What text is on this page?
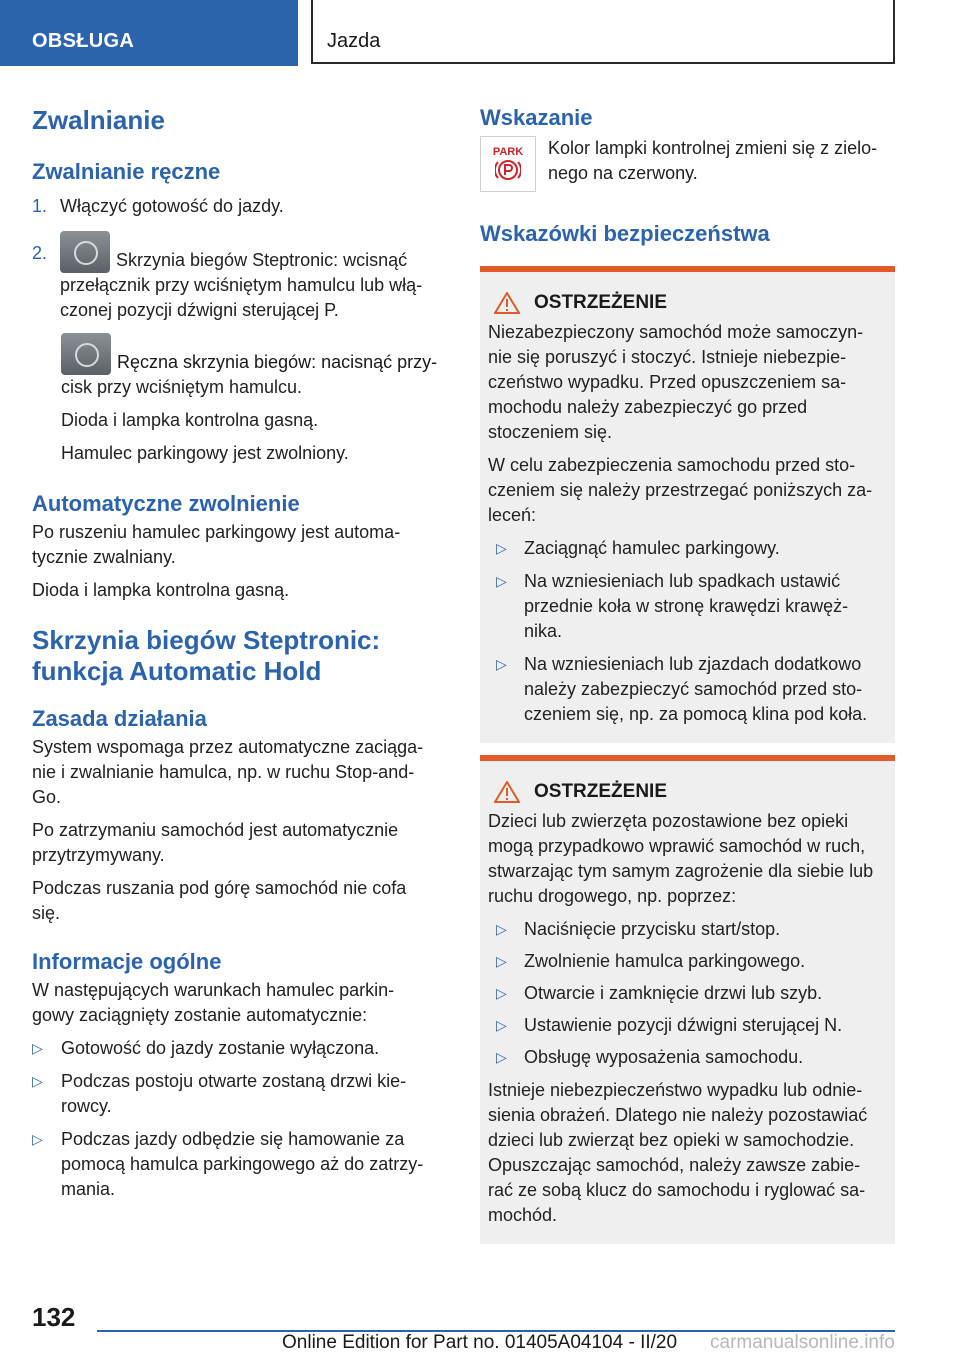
OBSŁUGA	Jazda
Zwalnianie
Zwalnianie ręczne
1. Włączyć gotowość do jazdy.
2.	Skrzynia biegów Steptronic: wcisnąć
przełącznik przy wciśniętym hamulcu lub włą-
czonej pozycji dźwigni sterującej P.
Ręczna skrzynia biegów: nacisnąć przy-

cisk przy wciśniętym hamulcu.

Dioda i lampka kontrolna gasną.

Hamulec parkingowy jest zwolniony.

Automatyczne zwolnienie

Po ruszeniu hamulec parkingowy jest automa-

tycznie zwalniany.

Dioda i lampka kontrolna gasną.

Skrzynia biegów Steptronic:
funkcja Automatic Hold
Zasada działania

System wspomaga przez automatyczne zaciąga-

nie i zwalnianie hamulca, np. w ruchu Stop-and-

Go.

Po zatrzymaniu samochód jest automatycznie

przytrzymywany.

Podczas ruszania pod górę samochód nie cofa

się.

Informacje ogólne

W następujących warunkach hamulec parkin-

gowy zaciągnięty zostanie automatycznie:

▷	Gotowość do jazdy zostanie wyłączona.
▷	Podczas postoju otwarte zostaną drzwi kie-
rowcy.
▷	Podczas jazdy odbędzie się hamowanie za
pomocą hamulca parkingowego aż do zatrzy-
mania.
Wskazanie
PARK Kolor lampki kontrolnej zmieni się z zielo-

nego na czerwony.

Wskazówki bezpieczeństwa
OSTRZEŻENIE

Niezabezpieczony samochód może samoczyn-

nie się poruszyć i stoczyć. Istnieje niebezpie-

czeństwo wypadku. Przed opuszczeniem sa-

mochodu należy zabezpieczyć go przed

stoczeniem się.

W celu zabezpieczenia samochodu przed sto-

czeniem się należy przestrzegać poniższych za-

leceń:

▷ Zaciągnąć hamulec parkingowy.
▷ Na wzniesieniach lub spadkach ustawić
przednie koła w stronę krawędzi krawęż-
nika.
▷ Na wzniesieniach lub zjazdach dodatkowo
należy zabezpieczyć samochód przed sto-
czeniem się, np. za pomocą klina pod koła.
OSTRZEŻENIE

Dzieci lub zwierzęta pozostawione bez opieki

mogą przypadkowo wprawić samochód w ruch,

stwarzając tym samym zagrożenie dla siebie lub

ruchu drogowego, np. poprzez:

▷ Naciśnięcie przycisku start/stop.
▷ Zwolnienie hamulca parkingowego.
▷ Otwarcie i zamknięcie drzwi lub szyb.
▷ Ustawienie pozycji dźwigni sterującej N.
▷ Obsługę wyposażenia samochodu.

Istnieje niebezpieczeństwo wypadku lub odnie-

sienia obrażeń. Dlatego nie należy pozostawiać

dzieci lub zwierząt bez opieki w samochodzie.

Opuszczając samochód, należy zawsze zabie-

rać ze sobą klucz do samochodu i ryglować sa-

mochód.

132
Online Edition for Part no. 01405A04104 - II/20 carmanualsonline.info
